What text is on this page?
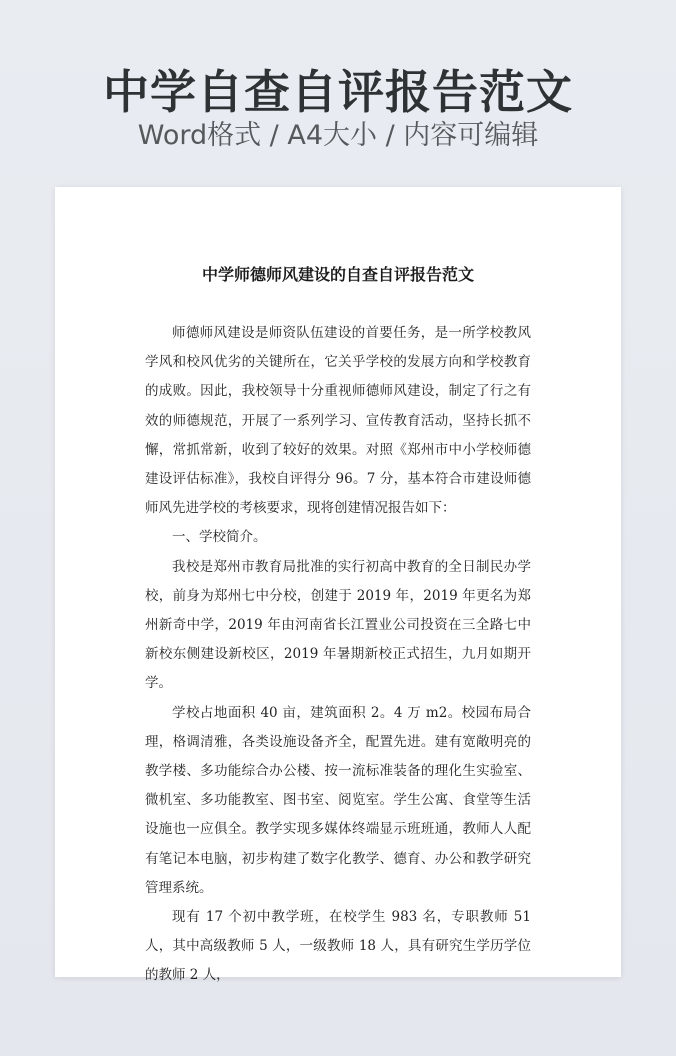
中学自查自评报告范文
Word格式 / A4大小 / 内容可编辑
中学师德师风建设的自查自评报告范文

师德师风建设是师资队伍建设的首要任务，是一所学校教风学风和校风优劣的关键所在，它关乎学校的发展方向和学校教育的成败。因此，我校领导十分重视师德师风建设，制定了行之有效的师德规范，开展了一系列学习、宣传教育活动，坚持长抓不懈，常抓常新，收到了较好的效果。对照《郑州市中小学校师德建设评估标准》，我校自评得分 96。7 分，基本符合市建设师德师风先进学校的考核要求，现将创建情况报告如下：

一、学校简介。

我校是郑州市教育局批准的实行初高中教育的全日制民办学校，前身为郑州七中分校，创建于 2019 年，2019 年更名为郑州新奇中学，2019 年由河南省长江置业公司投资在三全路七中新校东侧建设新校区，2019 年暑期新校正式招生，九月如期开学。

学校占地面积 40 亩，建筑面积 2。4 万 m2。校园布局合理，格调清雅，各类设施设备齐全，配置先进。建有宽敞明亮的教学楼、多功能综合办公楼、按一流标准装备的理化生实验室、微机室、多功能教室、图书室、阅览室。学生公寓、食堂等生活设施也一应俱全。教学实现多媒体终端显示班班通，教师人人配有笔记本电脑，初步构建了数字化教学、德育、办公和教学研究管理系统。

现有 17 个初中教学班，在校学生 983 名，专职教师 51 人，其中高级教师 5 人，一级教师 18 人，具有研究生学历学位的教师 2 人，
